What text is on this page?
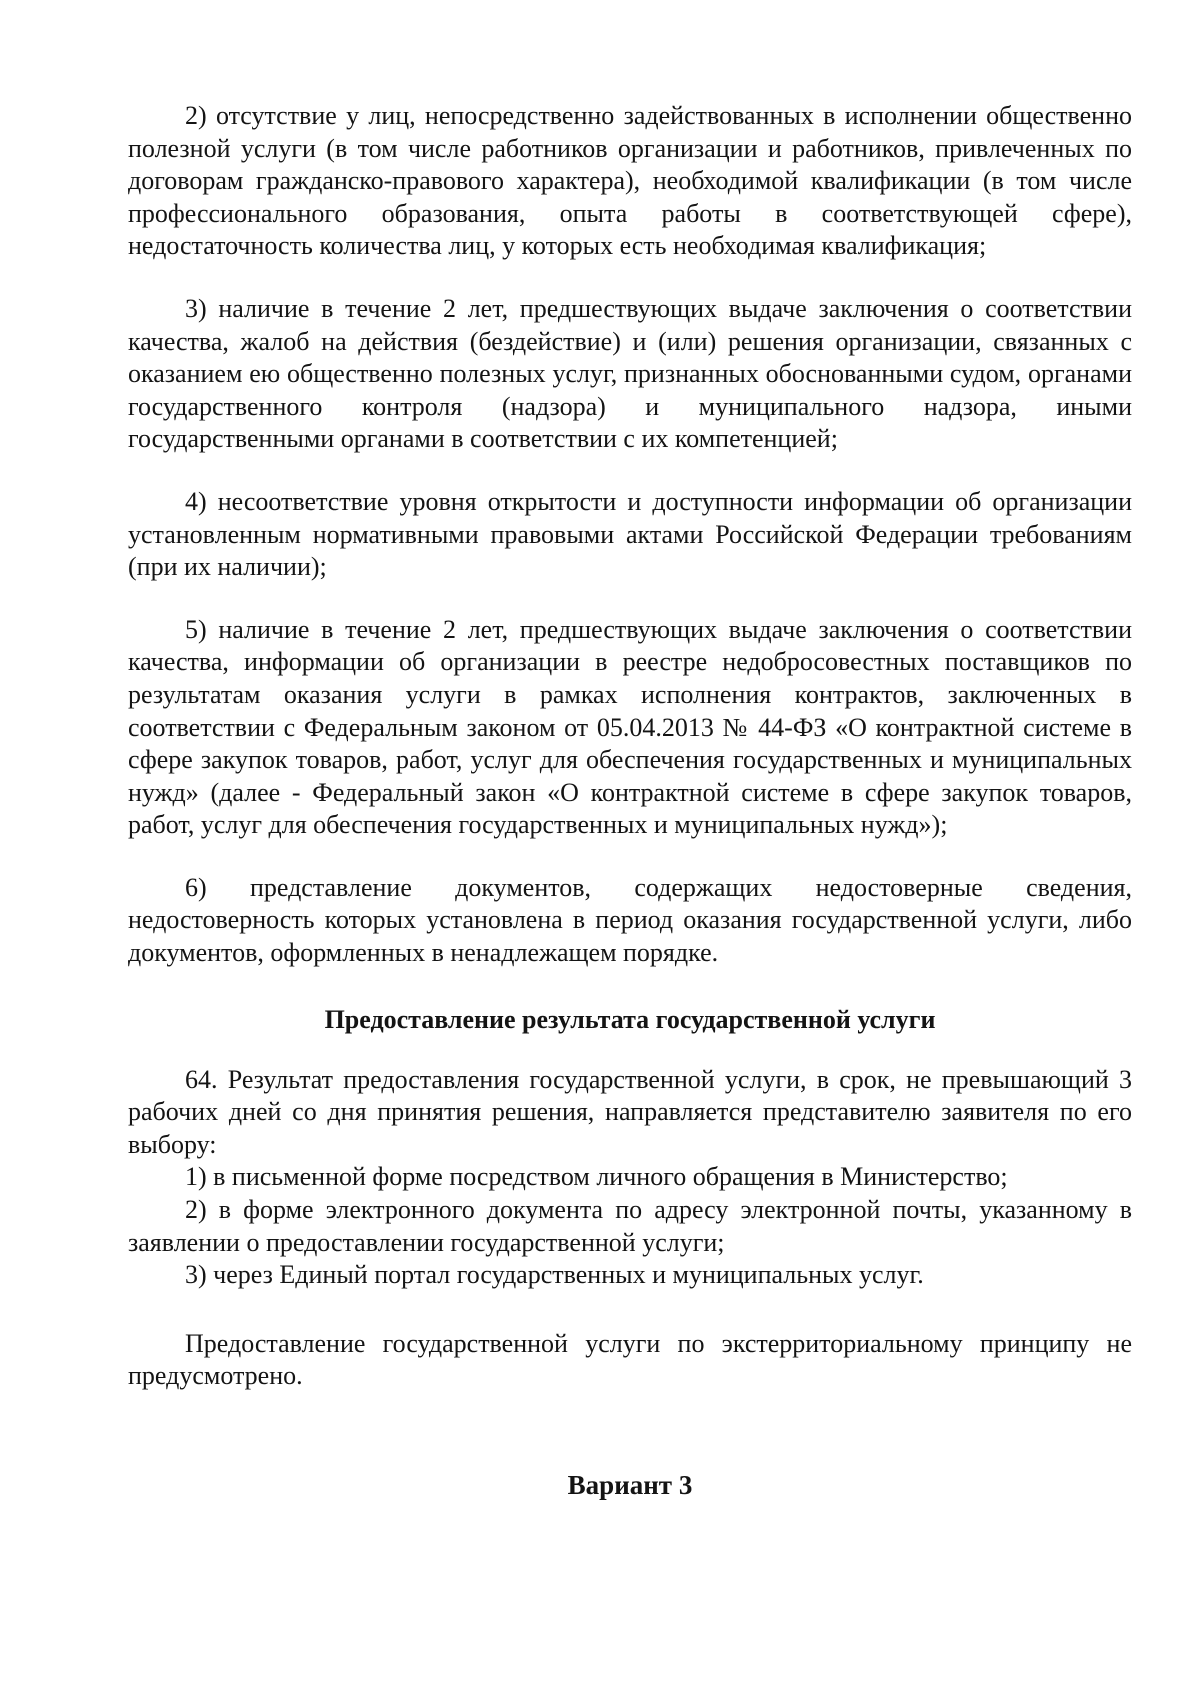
2) отсутствие у лиц, непосредственно задействованных в исполнении общественно полезной услуги (в том числе работников организации и работников, привлеченных по договорам гражданско-правового характера), необходимой квалификации (в том числе профессионального образования, опыта работы в соответствующей сфере), недостаточность количества лиц, у которых есть необходимая квалификация;

3) наличие в течение 2 лет, предшествующих выдаче заключения о соответствии качества, жалоб на действия (бездействие) и (или) решения организации, связанных с оказанием ею общественно полезных услуг, признанных обоснованными судом, органами государственного контроля (надзора) и муниципального надзора, иными государственными органами в соответствии с их компетенцией;

4) несоответствие уровня открытости и доступности информации об организации установленным нормативными правовыми актами Российской Федерации требованиям (при их наличии);

5) наличие в течение 2 лет, предшествующих выдаче заключения о соответствии качества, информации об организации в реестре недобросовестных поставщиков по результатам оказания услуги в рамках исполнения контрактов, заключенных в соответствии с Федеральным законом от 05.04.2013 № 44-ФЗ «О контрактной системе в сфере закупок товаров, работ, услуг для обеспечения государственных и муниципальных нужд» (далее - Федеральный закон «О контрактной системе в сфере закупок товаров, работ, услуг для обеспечения государственных и муниципальных нужд»);

6) представление документов, содержащих недостоверные сведения, недостоверность которых установлена в период оказания государственной услуги, либо документов, оформленных в ненадлежащем порядке.

Предоставление результата государственной услуги

64. Результат предоставления государственной услуги, в срок, не превышающий 3 рабочих дней со дня принятия решения, направляется представителю заявителя по его выбору:

1) в письменной форме посредством личного обращения в Министерство;

2) в форме электронного документа по адресу электронной почты, указанному в заявлении о предоставлении государственной услуги;

3) через Единый портал государственных и муниципальных услуг.

Предоставление государственной услуги по экстерриториальному принципу не предусмотрено.

Вариант 3
